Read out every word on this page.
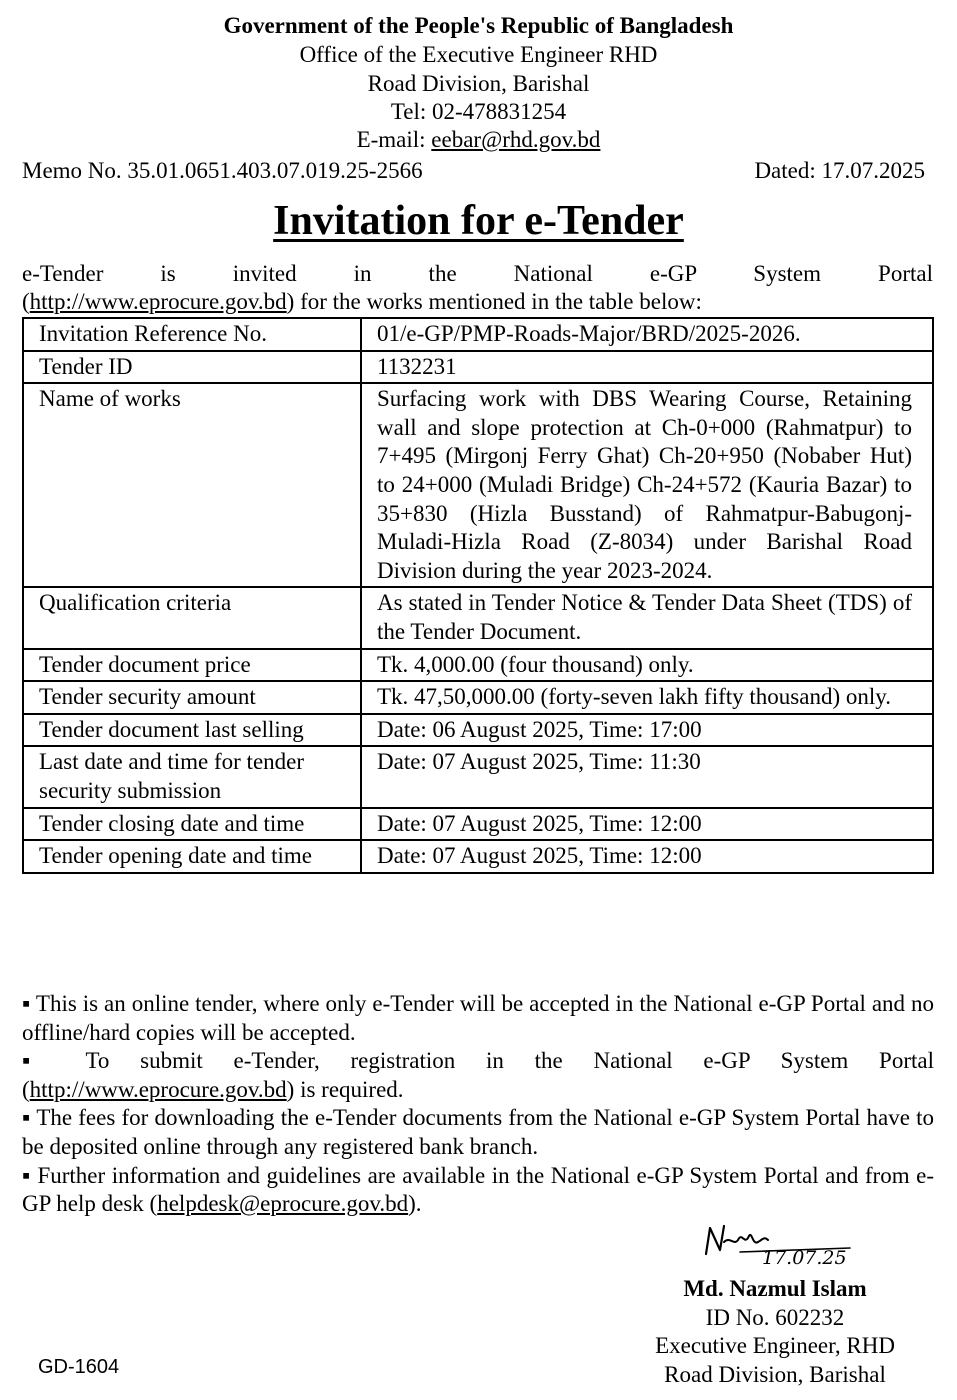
Government of the People's Republic of Bangladesh
Office of the Executive Engineer RHD
Road Division, Barishal
Tel: 02-478831254
E-mail: eebar@rhd.gov.bd
Memo No. 35.01.0651.403.07.019.25-2566	Dated: 17.07.2025
Invitation for e-Tender
e-Tender is invited in the National e-GP System Portal
(http://www.eprocure.gov.bd) for the works mentioned in the table below:
Invitation Reference No.	01/e-GP/PMP-Roads-Major/BRD/2025-2026.
Tender ID	1132231
Name of works	Surfacing work with DBS Wearing Course, Retaining wall and slope protection at Ch-0+000 (Rahmatpur) to 7+495 (Mirgonj Ferry Ghat) Ch-20+950 (Nobaber Hut) to 24+000 (Muladi Bridge) Ch-24+572 (Kauria Bazar) to 35+830 (Hizla Busstand) of Rahmatpur-Babugonj-Muladi-Hizla Road (Z-8034) under Barishal Road Division during the year 2023-2024.
Qualification criteria	As stated in Tender Notice & Tender Data Sheet (TDS) of the Tender Document.
Tender document price	Tk. 4,000.00 (four thousand) only.
Tender security amount	Tk. 47,50,000.00 (forty-seven lakh fifty thousand) only.
Tender document last selling	Date: 06 August 2025, Time: 17:00
Last date and time for tender security submission	Date: 07 August 2025, Time: 11:30
Tender closing date and time	Date: 07 August 2025, Time: 12:00
Tender opening date and time	Date: 07 August 2025, Time: 12:00

▪ This is an online tender, where only e-Tender will be accepted in the National e-GP Portal and no offline/hard copies will be accepted.

▪ To submit e-Tender, registration in the National e-GP System Portal

(http://www.eprocure.gov.bd) is required.

▪ The fees for downloading the e-Tender documents from the National e-GP System Portal have to be deposited online through any registered bank branch.

▪ Further information and guidelines are available in the National e-GP System Portal and from e-GP help desk (helpdesk@eprocure.gov.bd).

17.07.25
Md. Nazmul Islam
ID No. 602232
Executive Engineer, RHD
Road Division, Barishal
GD-1604
